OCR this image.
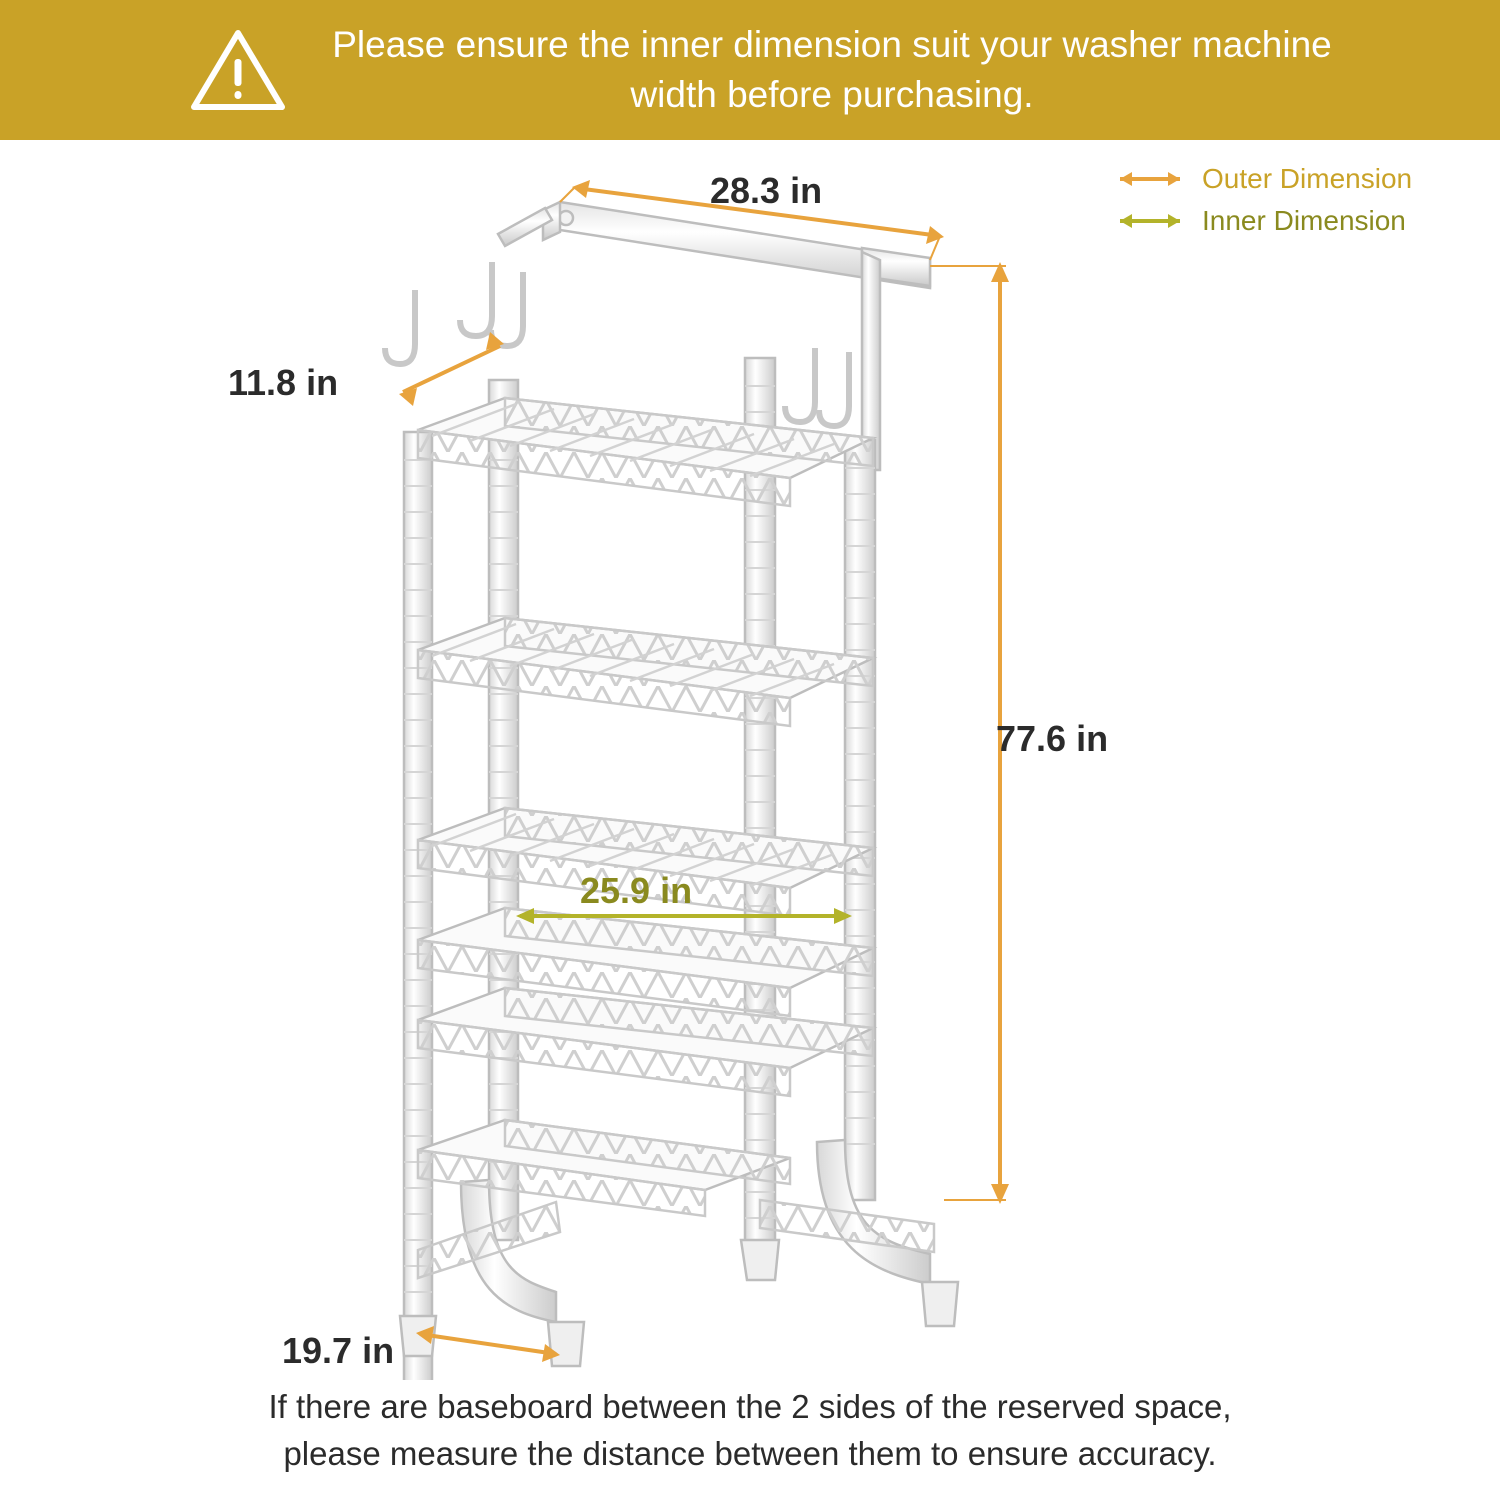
Please ensure the inner dimension suit your washer machine width before purchasing.
Outer Dimension
Inner Dimension
28.3 in
11.8 in
77.6 in
25.9 in
19.7 in
If there are baseboard between the 2 sides of the reserved space,
please measure the distance between them to ensure accuracy.
